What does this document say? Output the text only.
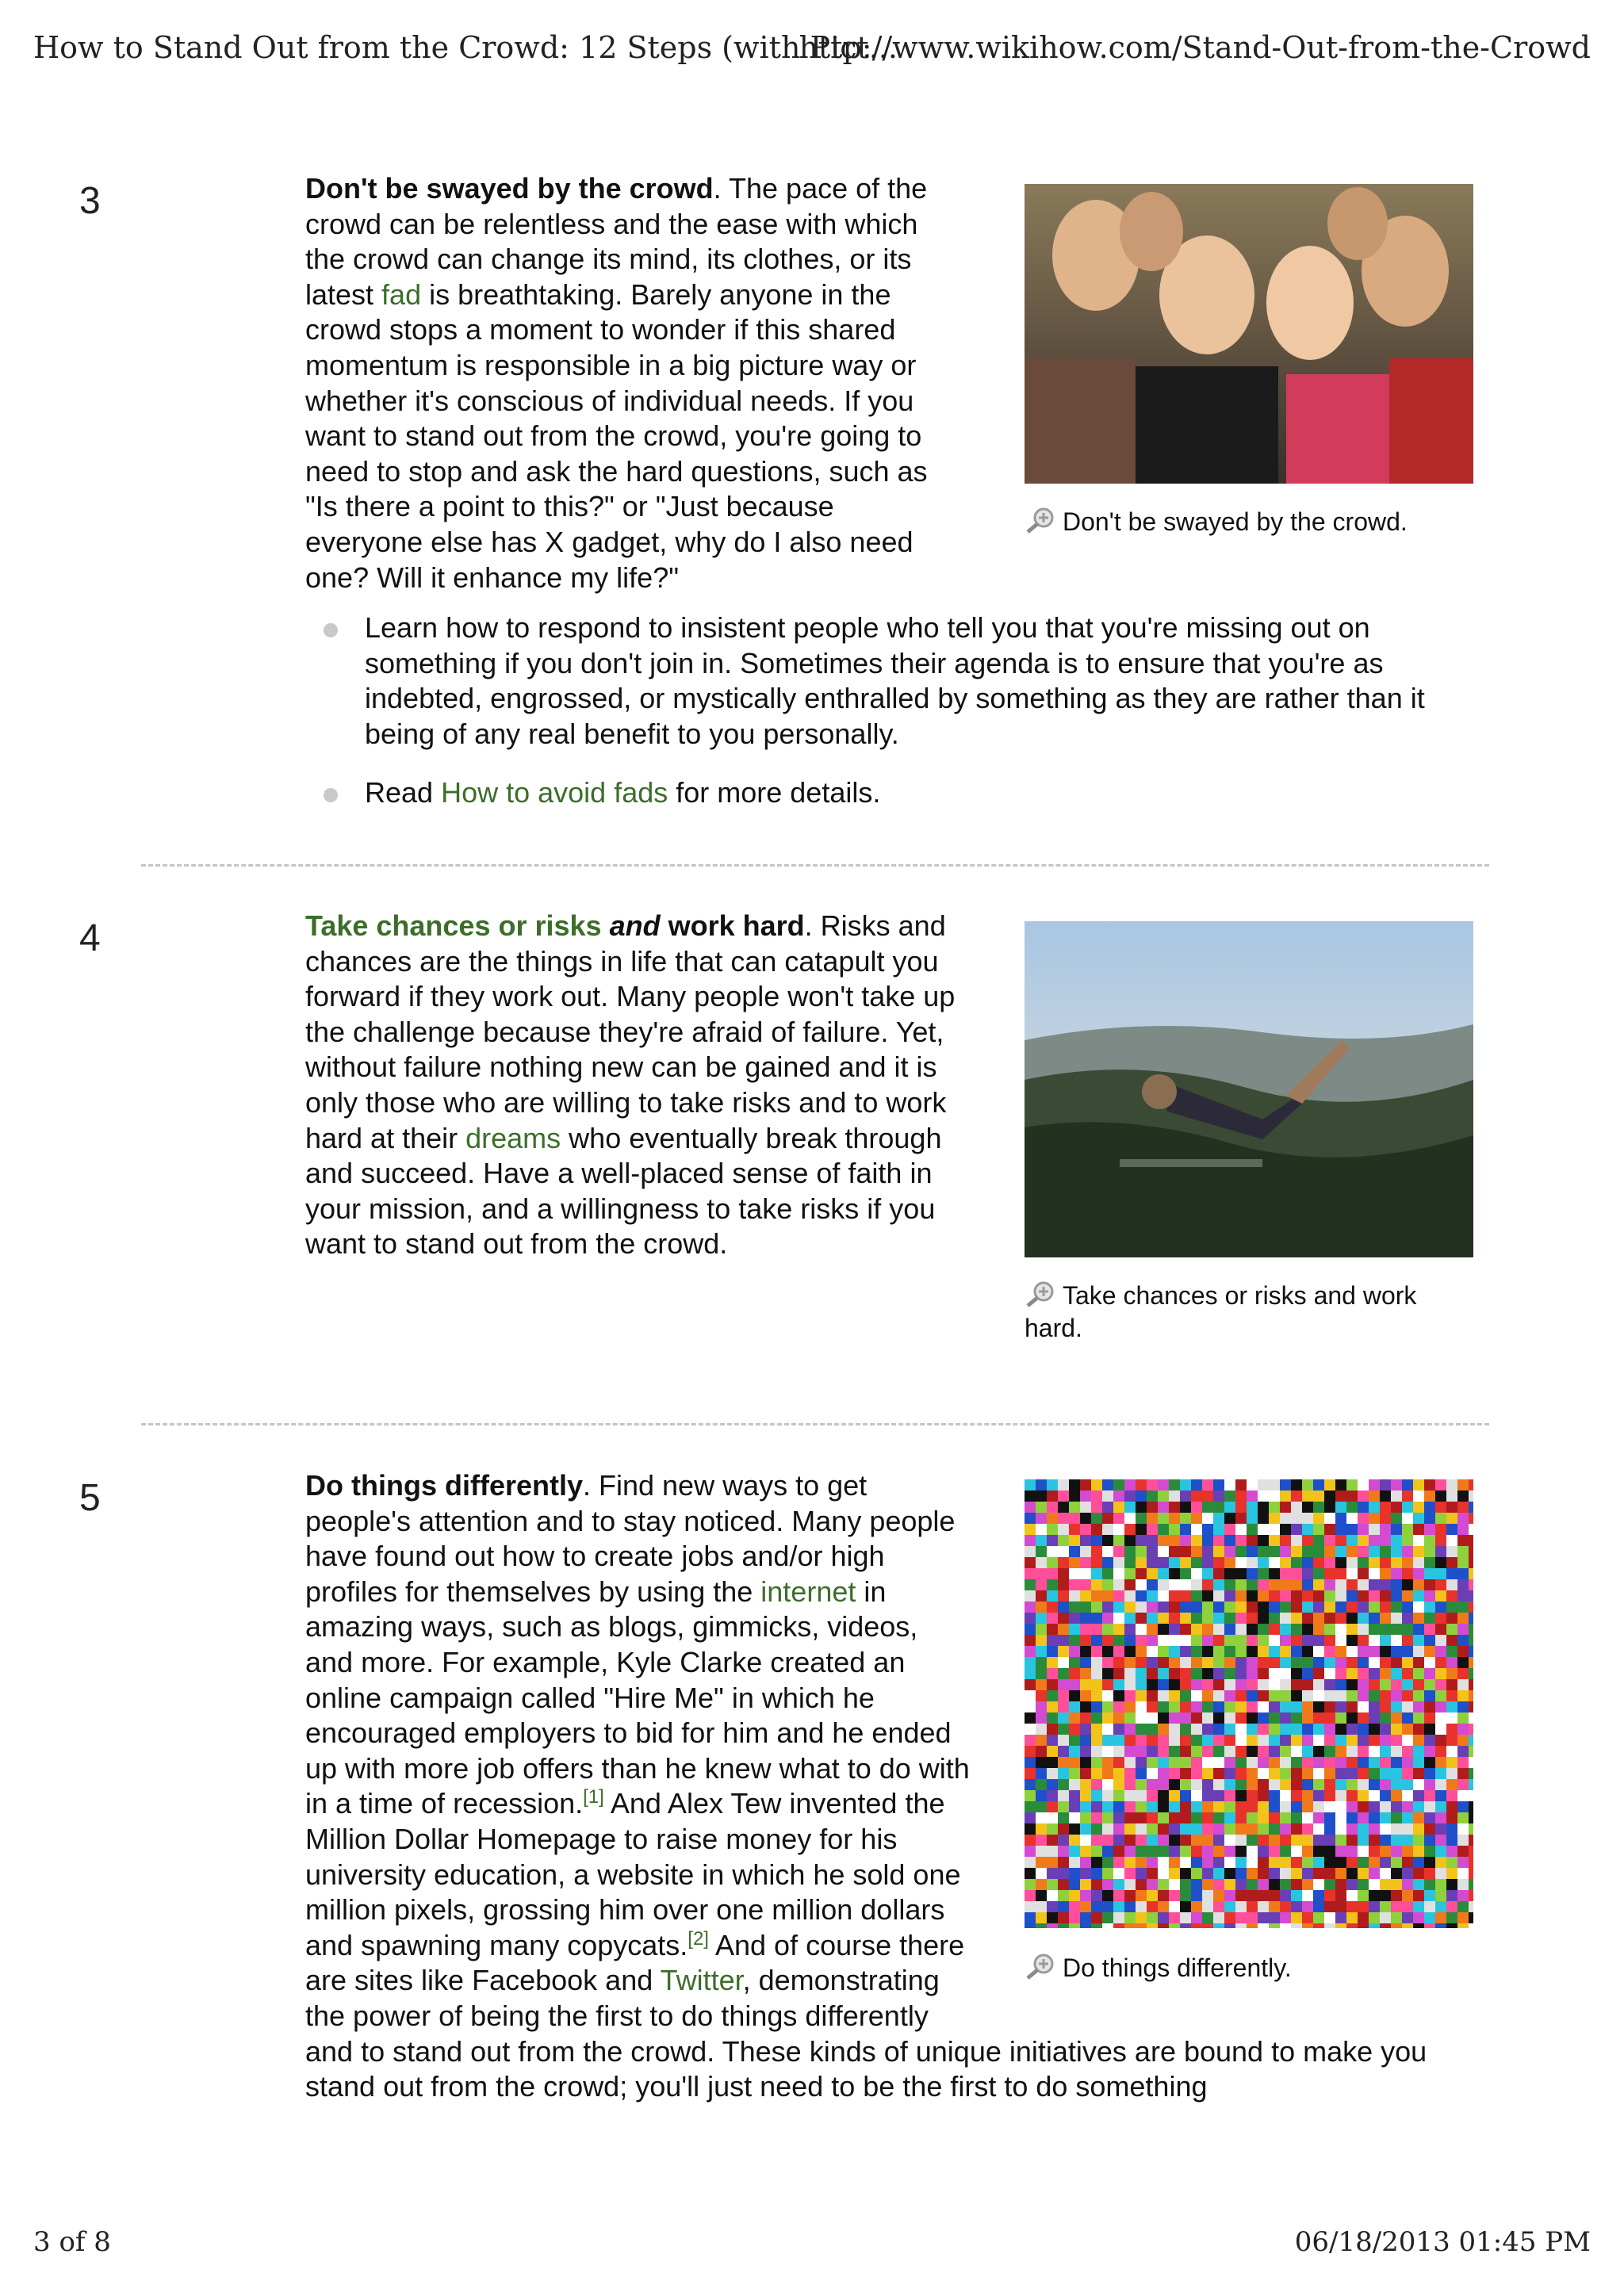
How to Stand Out from the Crowd: 12 Steps (with Pict...
http://www.wikihow.com/Stand-Out-from-the-Crowd
3	Don't be swayed by the crowd. The pace of the crowd can be relentless and the ease with which the crowd can change its mind, its clothes, or its latest fad is breathtaking. Barely anyone in the crowd stops a moment to wonder if this shared momentum is responsible in a big picture way or whether it's conscious of individual needs. If you want to stand out from the crowd, you're going to need to stop and ask the hard questions, such as "Is there a point to this?" or "Just because everyone else has X gadget, why do I also need one? Will it enhance my life?"
Don't be swayed by the crowd.
Learn how to respond to insistent people who tell you that you're missing out on something if you don't join in. Sometimes their agenda is to ensure that you're as indebted, engrossed, or mystically enthralled by something as they are rather than it being of any real benefit to you personally.
Read How to avoid fads for more details.
4	Take chances or risks and work hard. Risks and chances are the things in life that can catapult you forward if they work out. Many people won't take up the challenge because they're afraid of failure. Yet, without failure nothing new can be gained and it is only those who are willing to take risks and to work hard at their dreams who eventually break through and succeed. Have a well-placed sense of faith in your mission, and a willingness to take risks if you want to stand out from the crowd.
Take chances or risks and work hard.
5	Do things differently. Find new ways to get people's attention and to stay noticed. Many people have found out how to create jobs and/or high profiles for themselves by using the internet in amazing ways, such as blogs, gimmicks, videos, and more. For example, Kyle Clarke created an online campaign called "Hire Me" in which he encouraged employers to bid for him and he ended up with more job offers than he knew what to do with in a time of recession.[1] And Alex Tew invented the Million Dollar Homepage to raise money for his university education, a website in which he sold one million pixels, grossing him over one million dollars and spawning many copycats.[2] And of course there are sites like Facebook and Twitter, demonstrating the power of being the first to do things differently and to stand out from the crowd. These kinds of unique initiatives are bound to make you stand out from the crowd; you'll just need to be the first to do something
Do things differently.
3 of 8	06/18/2013 01:45 PM
